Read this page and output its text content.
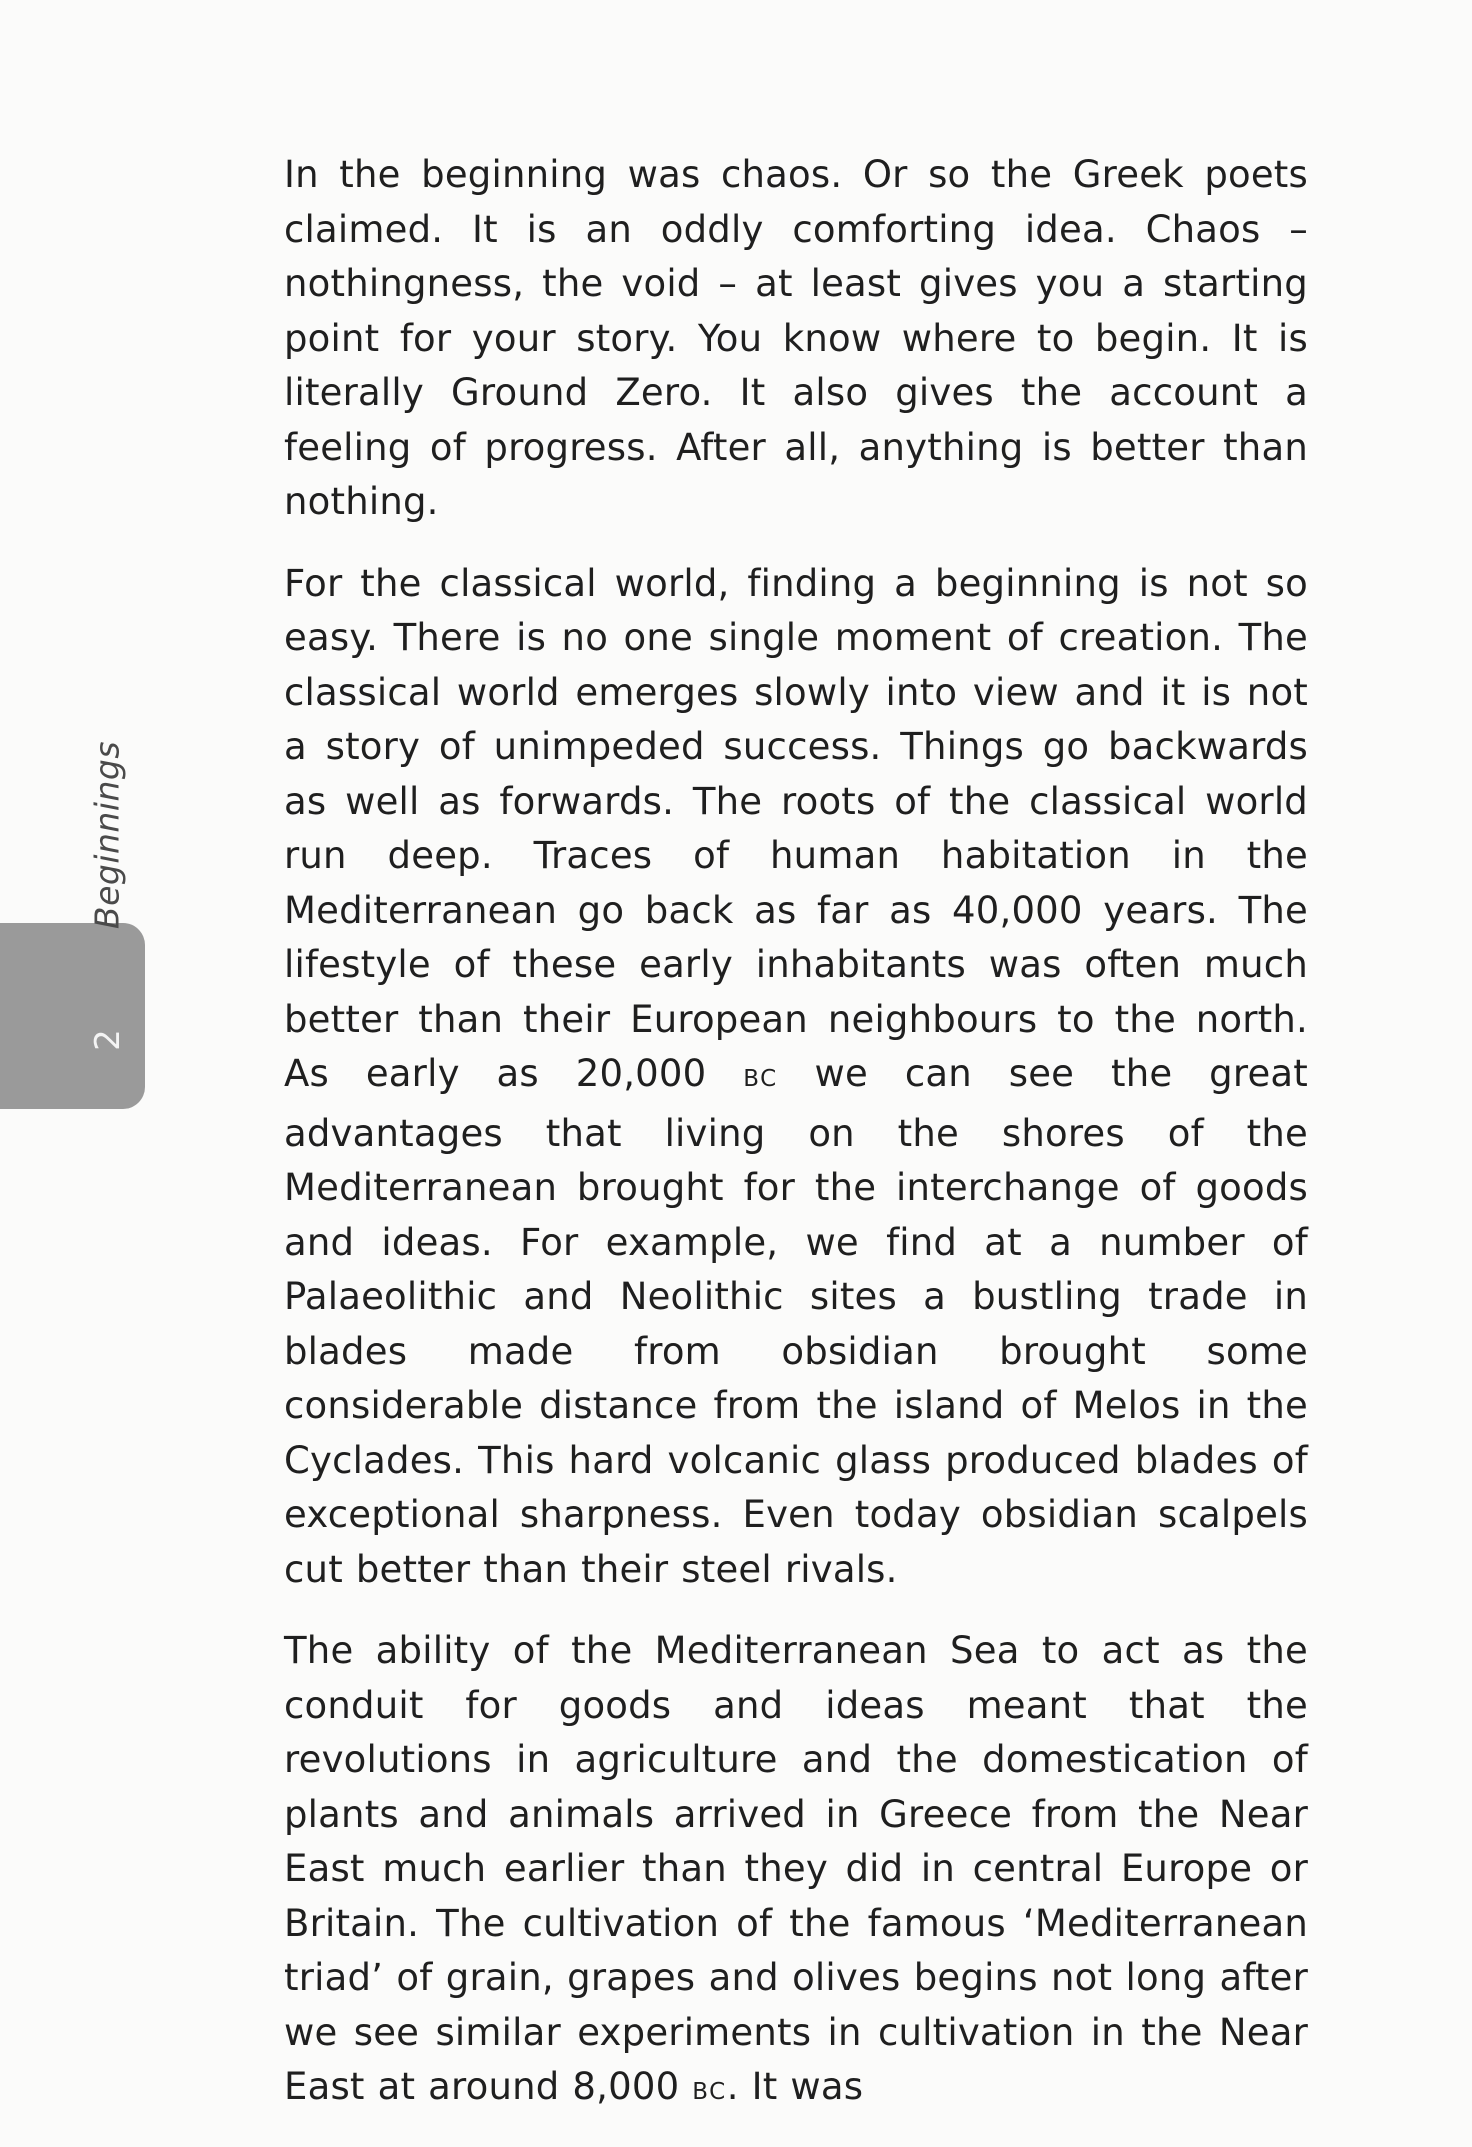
2
Beginnings

In the beginning was chaos. Or so the Greek poets claimed. It is an oddly comforting idea. Chaos – nothingness, the void – at least gives you a starting point for your story. You know where to begin. It is literally Ground Zero. It also gives the account a feeling of progress. After all, anything is better than nothing.

For the classical world, finding a beginning is not so easy. There is no one single moment of creation. The classical world emerges slowly into view and it is not a story of unimpeded success. Things go backwards as well as forwards. The roots of the classical world run deep. Traces of human habitation in the Mediterranean go back as far as 40,000 years. The lifestyle of these early inhabitants was often much better than their European neighbours to the north. As early as 20,000 BC we can see the great advantages that living on the shores of the Mediterranean brought for the interchange of goods and ideas. For example, we find at a number of Palaeolithic and Neolithic sites a bustling trade in blades made from obsidian brought some considerable distance from the island of Melos in the Cyclades. This hard volcanic glass produced blades of exceptional sharpness. Even today obsidian scalpels cut better than their steel rivals.

The ability of the Mediterranean Sea to act as the conduit for goods and ideas meant that the revolutions in agriculture and the domestication of plants and animals arrived in Greece from the Near East much earlier than they did in central Europe or Britain. The cultivation of the famous ‘Mediterranean triad’ of grain, grapes and olives begins not long after we see similar experiments in cultivation in the Near East at around 8,000 BC. It was
